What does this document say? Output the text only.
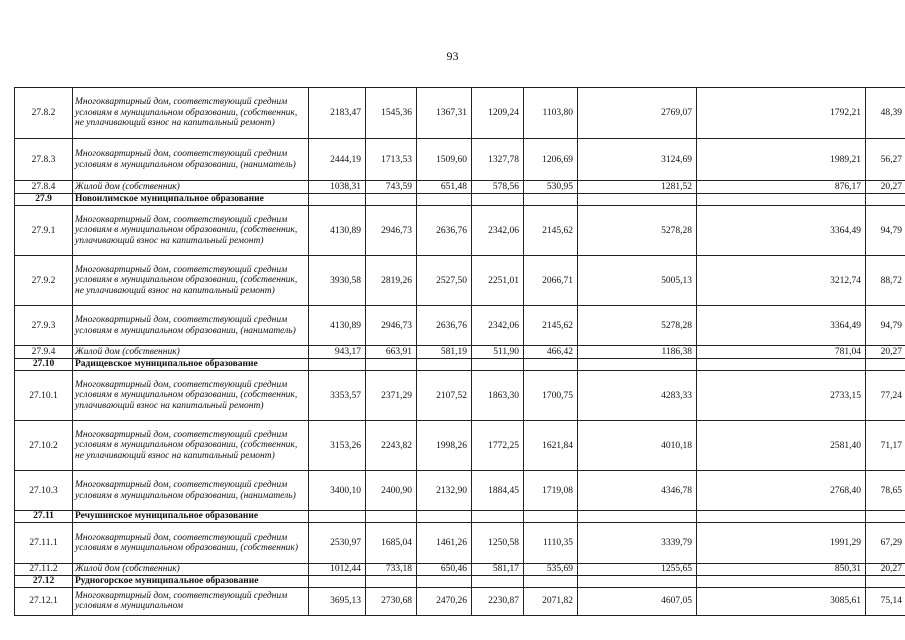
93
27.8.2	Многоквартирный дом, соответствующий средним условиям в муниципальном образовании, (собственник, не уплачивающий взнос на капитальный ремонт)	2183,47	1545,36	1367,31	1209,24	1103,80	2769,07	1792,21	48,39
27.8.3	Многоквартирный дом, соответствующий средним условиям в муниципальном образовании, (наниматель)	2444,19	1713,53	1509,60	1327,78	1206,69	3124,69	1989,21	56,27
27.8.4	Жилой дом (собственник)	1038,31	743,59	651,48	578,56	530,95	1281,52	876,17	20,27
27.9	Новоилимское муниципальное образование								
27.9.1	Многоквартирный дом, соответствующий средним условиям в муниципальном образовании, (собственник, уплачивающий взнос на капитальный ремонт)	4130,89	2946,73	2636,76	2342,06	2145,62	5278,28	3364,49	94,79
27.9.2	Многоквартирный дом, соответствующий средним условиям в муниципальном образовании, (собственник, не уплачивающий взнос на капитальный ремонт)	3930,58	2819,26	2527,50	2251,01	2066,71	5005,13	3212,74	88,72
27.9.3	Многоквартирный дом, соответствующий средним условиям в муниципальном образовании, (наниматель)	4130,89	2946,73	2636,76	2342,06	2145,62	5278,28	3364,49	94,79
27.9.4	Жилой дом (собственник)	943,17	663,91	581,19	511,90	466,42	1186,38	781,04	20,27
27.10	Радищевское муниципальное образование								
27.10.1	Многоквартирный дом, соответствующий средним условиям в муниципальном образовании, (собственник, уплачивающий взнос на капитальный ремонт)	3353,57	2371,29	2107,52	1863,30	1700,75	4283,33	2733,15	77,24
27.10.2	Многоквартирный дом, соответствующий средним условиям в муниципальном образовании, (собственник, не уплачивающий взнос на капитальный ремонт)	3153,26	2243,82	1998,26	1772,25	1621,84	4010,18	2581,40	71,17
27.10.3	Многоквартирный дом, соответствующий средним условиям в муниципальном образовании, (наниматель)	3400,10	2400,90	2132,90	1884,45	1719,08	4346,78	2768,40	78,65
27.11	Речушинское муниципальное образование								
27.11.1	Многоквартирный дом, соответствующий средним условиям в муниципальном образовании, (собственник)	2530,97	1685,04	1461,26	1250,58	1110,35	3339,79	1991,29	67,29
27.11.2	Жилой дом (собственник)	1012,44	733,18	650,46	581,17	535,69	1255,65	850,31	20,27
27.12	Рудногорское муниципальное образование								
27.12.1	Многоквартирный дом, соответствующий средним условиям в муниципальном	3695,13	2730,68	2470,26	2230,87	2071,82	4607,05	3085,61	75,14
